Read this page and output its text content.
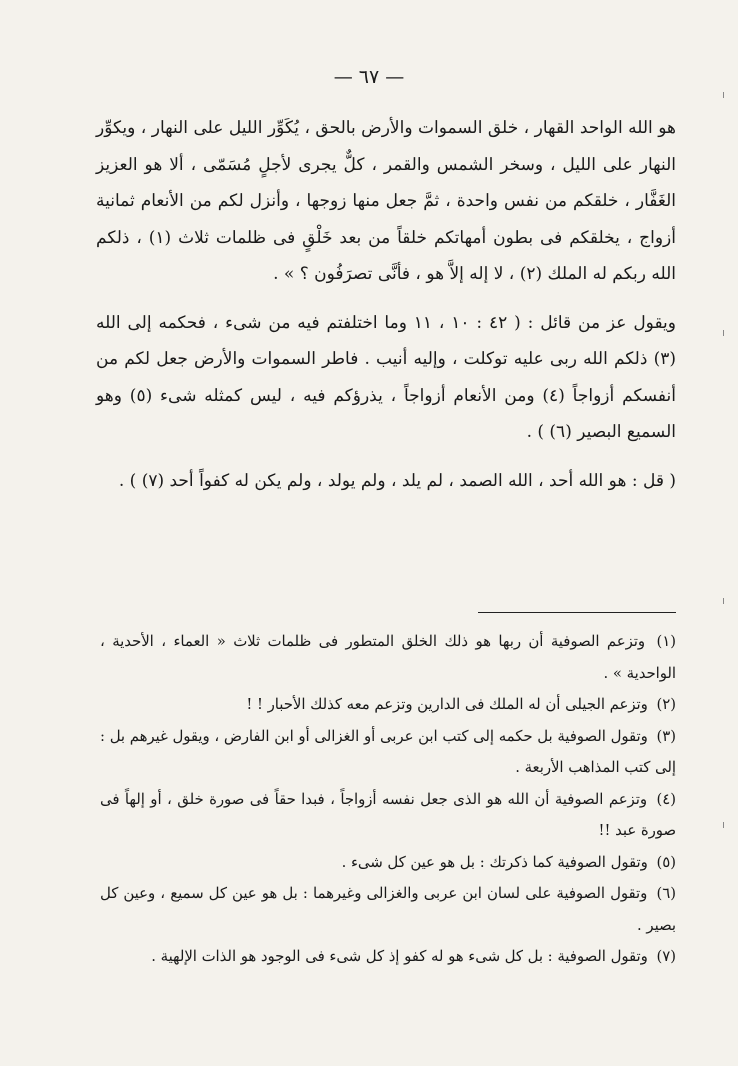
— ٦٧ —

هو الله الواحد القهار ، خلق السموات والأرض بالحق ، يُكَوِّر الليل على النهار ، ويكوِّر النهار على الليل ، وسخر الشمس والقمر ، كلٌّ يجرى لأجلٍ مُسَمّى ، ألا هو العزيز الغَفَّار ، خلقكم من نفس واحدة ، ثمَّ جعل منها زوجها ، وأنزل لكم من الأنعام ثمانية أزواج ، يخلقكم فى بطون أمهاتكم خلقاً من بعد خَلْقٍ فى ظلمات ثلاث (١) ، ذلكم الله ربكم له الملك (٢) ، لا إله إلاَّ هو ، فأنَّى تصرَفُون ؟ » .

ويقول عز من قائل : ( ٤٢ : ١٠ ، ١١ وما اختلفتم فيه من شىء ، فحكمه إلى الله (٣) ذلكم الله ربى عليه توكلت ، وإليه أنيب . فاطر السموات والأرض جعل لكم من أنفسكم أزواجاً (٤) ومن الأنعام أزواجاً ، يذرؤكم فيه ، ليس كمثله شىء (٥) وهو السميع البصير (٦) ) .

( قل : هو الله أحد ، الله الصمد ، لم يلد ، ولم يولد ، ولم يكن له كفواً أحد (٧) ) .

(١) وتزعم الصوفية أن ربها هو ذلك الخلق المتطور فى ظلمات ثلاث « العماء ، الأحدية ، الواحدية » .

(٢) وتزعم الجيلى أن له الملك فى الدارين وتزعم معه كذلك الأحبار ! !

(٣) وتقول الصوفية بل حكمه إلى كتب ابن عربى أو الغزالى أو ابن الفارض ، ويقول غيرهم بل : إلى كتب المذاهب الأربعة .

(٤) وتزعم الصوفية أن الله هو الذى جعل نفسه أزواجاً ، فبدا حقاً فى صورة خلق ، أو إلهاً فى صورة عبد !!

(٥) وتقول الصوفية كما ذكرتك : بل هو عين كل شىء .

(٦) وتقول الصوفية على لسان ابن عربى والغزالى وغيرهما : بل هو عين كل سميع ، وعين كل بصير .

(٧) وتقول الصوفية : بل كل شىء هو له كفو إذ كل شىء فى الوجود هو الذات الإلهية .
